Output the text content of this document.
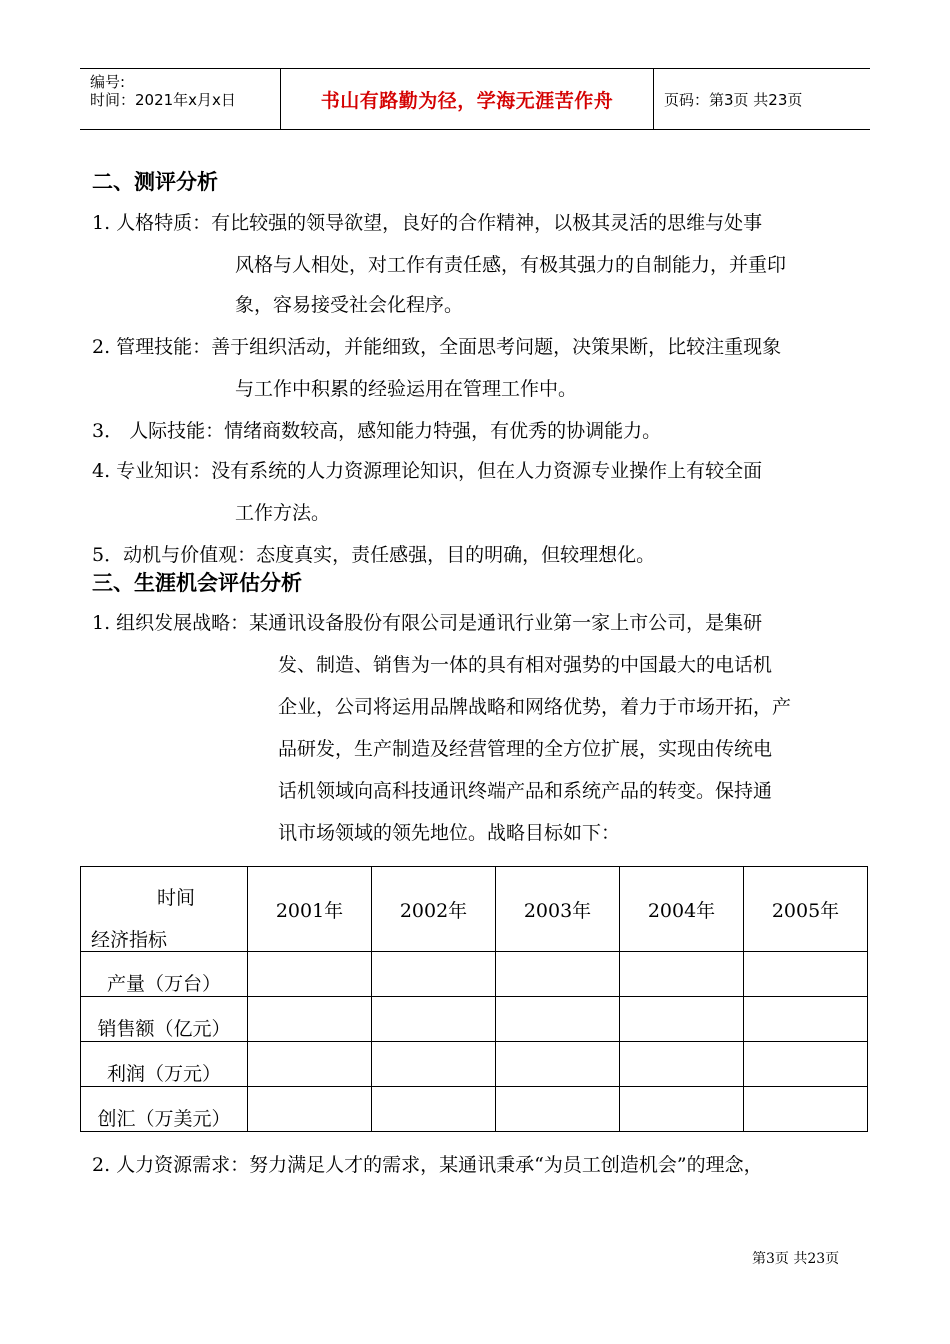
编号:
时间：2021年x月x日	书山有路勤为径，学海无涯苦作舟	页码：第3页 共23页
二、测评分析
1. 人格特质：有比较强的领导欲望，良好的合作精神，以极其灵活的思维与处事
风格与人相处，对工作有责任感，有极其强力的自制能力，并重印
象，容易接受社会化程序。
2. 管理技能：善于组织活动，并能细致，全面思考问题，决策果断，比较注重现象
与工作中积累的经验运用在管理工作中。
3． 人际技能：情绪商数较高，感知能力特强，有优秀的协调能力。
4. 专业知识：没有系统的人力资源理论知识，但在人力资源专业操作上有较全面
工作方法。
5．动机与价值观：态度真实，责任感强，目的明确，但较理想化。
三、生涯机会评估分析
1. 组织发展战略：某通讯设备股份有限公司是通讯行业第一家上市公司，是集研
发、制造、销售为一体的具有相对强势的中国最大的电话机
企业，公司将运用品牌战略和网络优势，着力于市场开拓，产
品研发，生产制造及经营管理的全方位扩展，实现由传统电
话机领域向高科技通讯终端产品和系统产品的转变。保持通
讯市场领域的领先地位。战略目标如下：
时间
经济指标	2001年	2002年	2003年	2004年	2005年
产量（万台）					
销售额（亿元）					
利润（万元）					
创汇（万美元）					
2. 人力资源需求：努力满足人才的需求，某通讯秉承“为员工创造机会”的理念，
第3页 共23页
